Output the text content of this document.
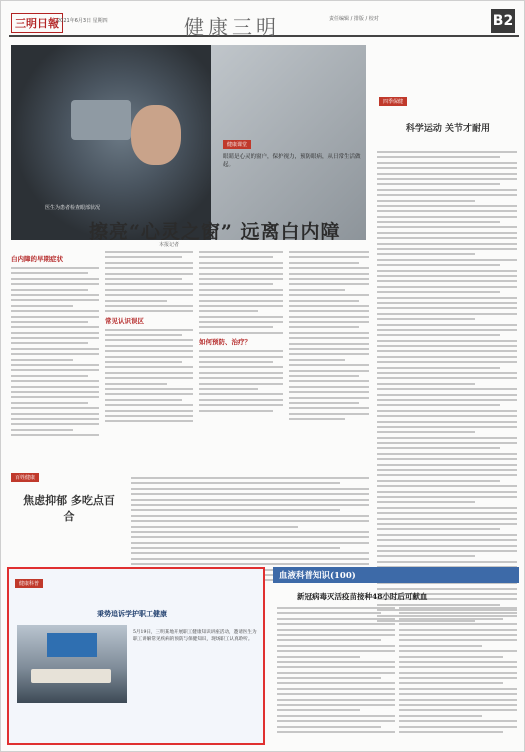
三明日報
2021年6月3日 星期四	健康三明	责任编辑 / 排版 / 校对	B2
医生为患者检查眼部状况
健康课堂
眼睛是心灵的窗户，保护视力，预防眼病，从日常生活做起。
擦亮“心灵之窗” 远离白内障
本报记者
白内障的早期症状
常见认识误区
如何预防、治疗？
四季保健
科学运动 关节才耐用
百姓健康
焦虑抑郁 多吃点百合
健康科普
秉势追诉学护职工健康
5月19日，三明某地开展职工健康知识讲座活动，邀请医生为职工讲解常见疾病的预防与保健知识，现场职工认真聆听。
血液科普知识(100)
新冠病毒灭活疫苗接种48小时后可献血
